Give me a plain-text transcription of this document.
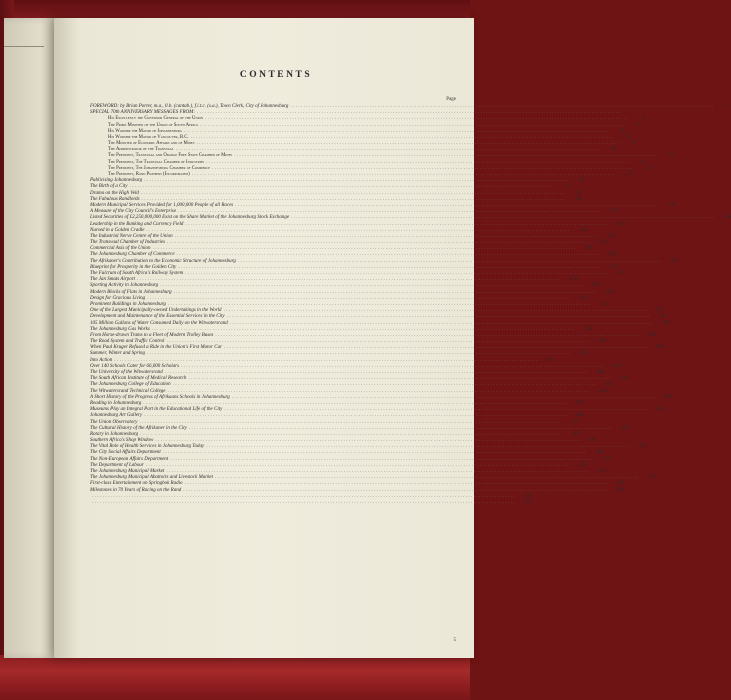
CONTENTS
Page
FOREWORD: by Brian Porter, m.a., ll.b. (cantab.), f.i.t.c. (s.a.), Town Clerk, City of Johannesburg .....	3
SPECIAL 70th ANNIVERSARY MESSAGES FROM:
.....
His Excellency the Governor General of the Union .....	9
The Prime Minister of the Union of South Africa .....	11
His Worship the Mayor of Johannesburg .....	13
His Worship the Mayor of Vancouver, B.C. .....	15
The Minister of Economic Affairs and of Mines .....	17
The Administrator of the Transvaal .....	19
The President, Transvaal and Orange Free State Chamber of Mines .....	21
The President, The Transvaal Chamber of Industries .....	23
The President, The Johannesburg Chamber of Commerce .....	25
The President, Rand Pioneers (Incorporated) .....	27
Publicising Johannesburg .....	28
The Birth of a City .....	31
Drama on the High Veld .....	34
The Fabulous Randlords .....	82
Modern Municipal Services Provided for 1,000,000 People of all Races .....	130
A Measure of the City Council's Enterprise .....	147
Listed Securities of £2,250,000,000 Exist on the Share Market of the Johannesburg Stock Exchange .....	163
Leadership in the Banking and Currency Field .....	167
Nursed in a Golden Cradle .....	170
The Industrial Nerve Centre of the Union .....	178
The Transvaal Chamber of Industries .....	195
Commercial Axis of the Union .....	201
The Johannesburg Chamber of Commerce .....	226
The Afrikaner's Contribution to the Economic Structure of Johannesburg .....	233
Blueprint for Prosperity in the Golden City .....	257
The Fulcrum of South Africa's Railway System .....	267
The Jan Smuts Airport .....	274
Sporting Activity in Johannesburg .....	291
Modern Blocks of Flats in Johannesburg .....	299
Design for Gracious Living .....	305
Prominent Buildings in Johannesburg .....	311
One of the Largest Municipally-owned Undertakings in the World .....	317
Development and Maintenance of the Essential Services in the City .....	321
105 Million Gallons of Water Consumed Daily on the Witwatersrand .....	339
The Johannesburg Gas Works .....	354
From Horse-drawn Trams to a Fleet of Modern Trolley Buses .....	370
The Road System and Traffic Control .....	387
When Paul Kruger Refused a Ride in the Union's First Motor Car .....	403
Summer, Winter and Spring .....	405
Into Action .....	407
Over 140 Schools Cater for 66,000 Scholars .....	418
The University of the Witwatersrand .....	428
The South African Institute of Medical Research .....	430
The Johannesburg College of Education .....	435
The Witwatersrand Technical College .....	441
A Short History of the Progress of Afrikaans Schools in Johannesburg .....	445
Reading in Johannesburg .....	447
Museums Play an Integral Part in the Educational Life of the City .....	450
Johannesburg Art Gallery .....	465
The Union Observatory .....	471
The Cultural History of the Afrikaner in the City .....	479
Rotary in Johannesburg .....	485
Southern Africa's Shop Window .....	499
The Vital Role of Health Services in Johannesburg Today .....	503
The City Social Affairs Department .....	508
The Non-European Affairs Department .....	513
The Department of Labour .....	519
The Johannesburg Municipal Market .....	525
The Johannesburg Municipal Abattoirs and Livestock Market .....	533
First-class Entertainment on Springbok Radio .....	536
Milestones in 70 Years of Racing on the Rand .....	540
.....
542
.....
551
5
